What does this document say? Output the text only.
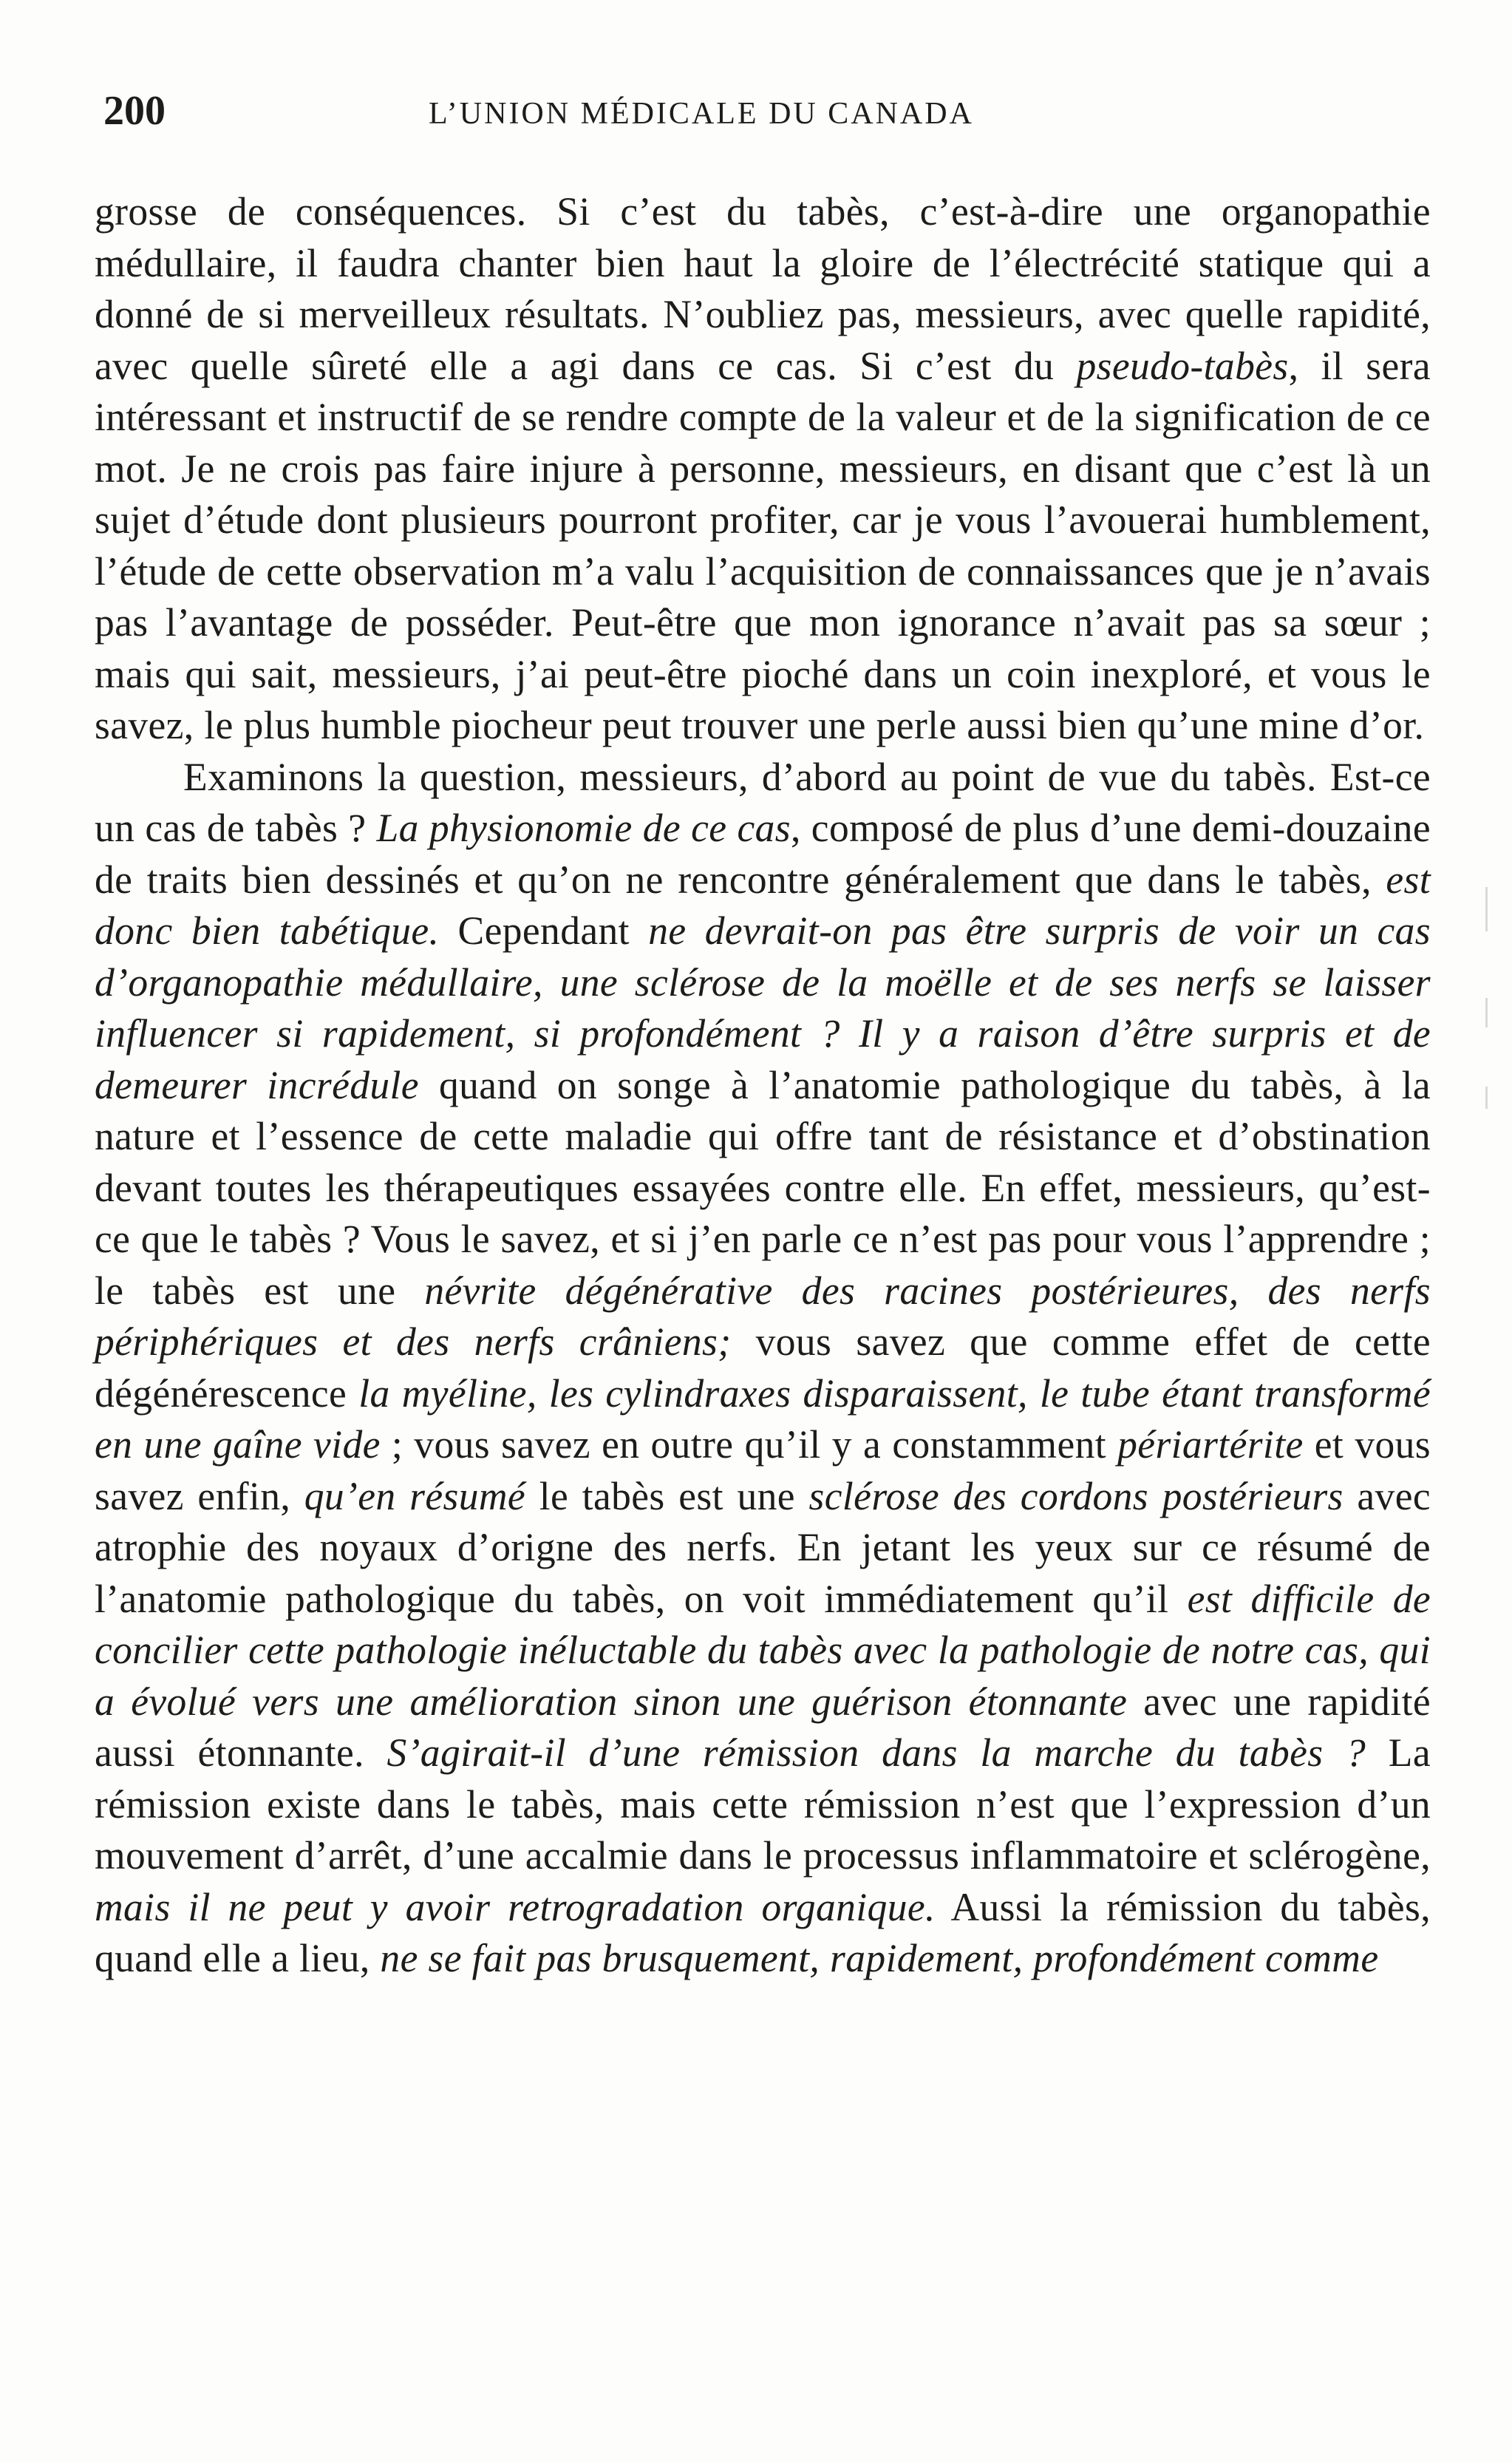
200	L’UNION MÉDICALE DU CANADA

grosse de conséquences. Si c’est du tabès, c’est-à-dire une organopathie médullaire, il faudra chanter bien haut la gloire de l’électrécité statique qui a donné de si merveilleux résultats. N’oubliez pas, messieurs, avec quelle rapidité, avec quelle sûreté elle a agi dans ce cas. Si c’est du pseudo-tabès, il sera intéressant et instructif de se rendre compte de la valeur et de la signification de ce mot. Je ne crois pas faire injure à personne, messieurs, en disant que c’est là un sujet d’étude dont plusieurs pourront profiter, car je vous l’avouerai humblement, l’étude de cette observation m’a valu l’acquisition de connaissances que je n’avais pas l’avantage de posséder. Peut-être que mon ignorance n’avait pas sa sœur ; mais qui sait, messieurs, j’ai peut-être pioché dans un coin inexploré, et vous le savez, le plus humble piocheur peut trouver une perle aussi bien qu’une mine d’or.

Examinons la question, messieurs, d’abord au point de vue du tabès. Est-ce un cas de tabès ? La physionomie de ce cas, composé de plus d’une demi-douzaine de traits bien dessinés et qu’on ne rencontre généralement que dans le tabès, est donc bien tabétique. Cependant ne devrait-on pas être surpris de voir un cas d’organopathie médullaire, une sclérose de la moëlle et de ses nerfs se laisser influencer si rapidement, si profondément ? Il y a raison d’être surpris et de demeurer incrédule quand on songe à l’anatomie pathologique du tabès, à la nature et l’essence de cette maladie qui offre tant de résistance et d’obstination devant toutes les thérapeutiques essayées contre elle. En effet, messieurs, qu’est-ce que le tabès ? Vous le savez, et si j’en parle ce n’est pas pour vous l’apprendre ; le tabès est une névrite dégénérative des racines postérieures, des nerfs périphériques et des nerfs crâniens; vous savez que comme effet de cette dégénérescence la myéline, les cylindraxes disparaissent, le tube étant transformé en une gaîne vide ; vous savez en outre qu’il y a constamment périartérite et vous savez enfin, qu’en résumé le tabès est une sclérose des cordons postérieurs avec atrophie des noyaux d’origne des nerfs. En jetant les yeux sur ce résumé de l’anatomie pathologique du tabès, on voit immédiatement qu’il est difficile de concilier cette pathologie inéluctable du tabès avec la pathologie de notre cas, qui a évolué vers une amélioration sinon une guérison étonnante avec une rapidité aussi étonnante. S’agirait-il d’une rémission dans la marche du tabès ? La rémission existe dans le tabès, mais cette rémission n’est que l’expression d’un mouvement d’arrêt, d’une accalmie dans le processus inflammatoire et sclérogène, mais il ne peut y avoir retrogradation organique. Aussi la rémission du tabès, quand elle a lieu, ne se fait pas brusquement, rapidement, profondément comme
